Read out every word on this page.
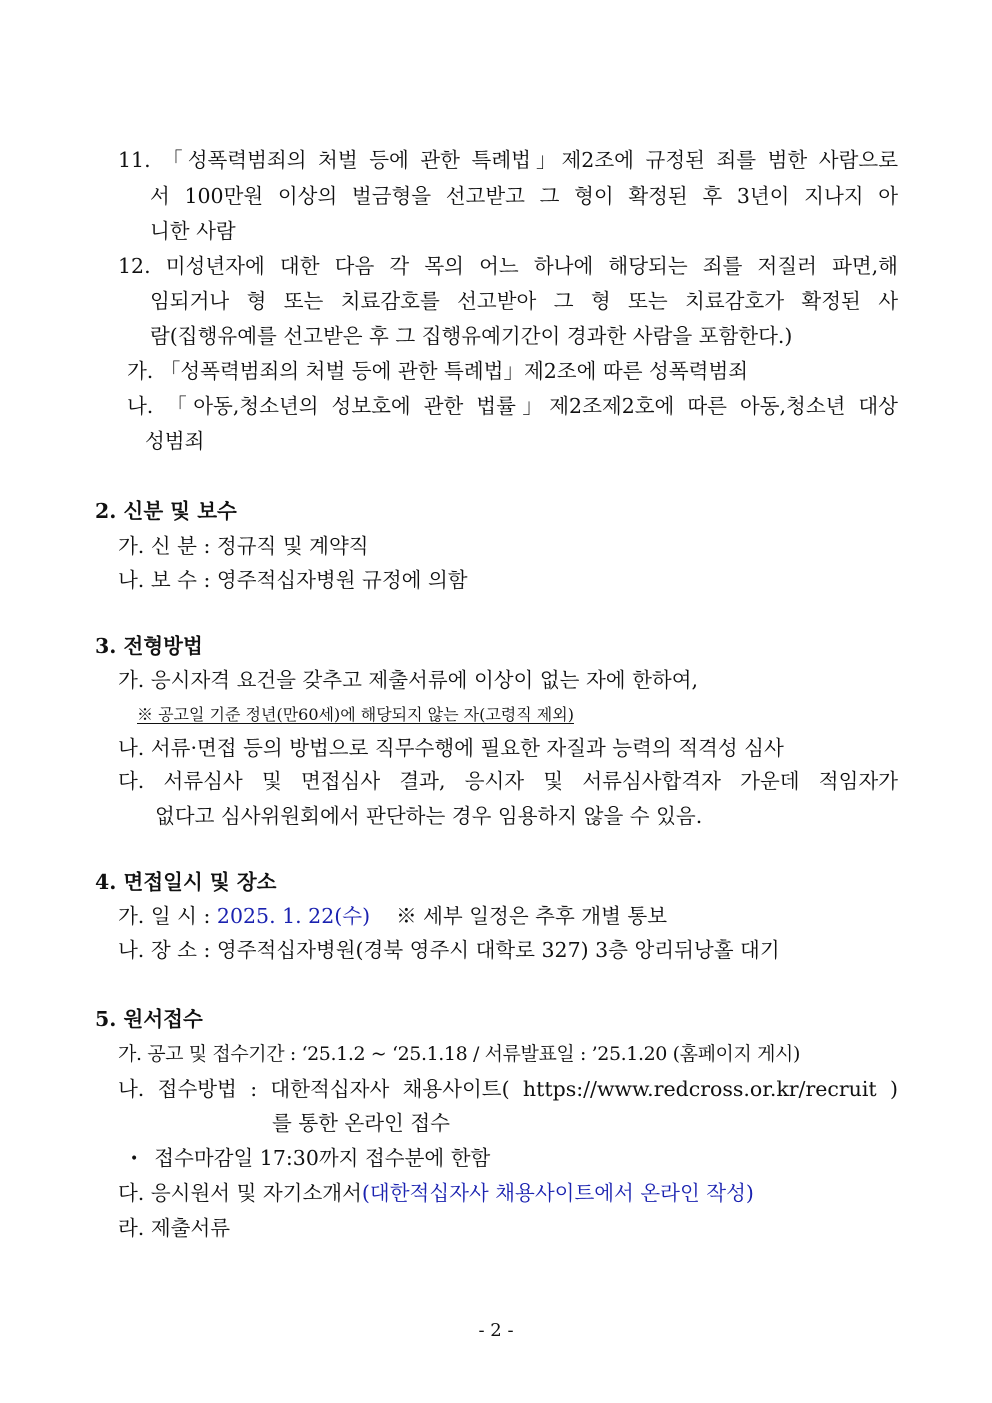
11. 「성폭력범죄의 처벌 등에 관한 특례법」제2조에 규정된 죄를 범한 사람으로
서 100만원 이상의 벌금형을 선고받고 그 형이 확정된 후 3년이 지나지 아
니한 사람
12. 미성년자에 대한 다음 각 목의 어느 하나에 해당되는 죄를 저질러 파면,해
임되거나 형 또는 치료감호를 선고받아 그 형 또는 치료감호가 확정된 사
람(집행유예를 선고받은 후 그 집행유예기간이 경과한 사람을 포함한다.)
가. 「성폭력범죄의 처벌 등에 관한 특례법」제2조에 따른 성폭력범죄
나. 「아동,청소년의 성보호에 관한 법률」제2조제2호에 따른 아동,청소년 대상
성범죄
2. 신분 및 보수
가. 신 분 : 정규직 및 계약직
나. 보 수 : 영주적십자병원 규정에 의함
3. 전형방법
가. 응시자격 요건을 갖추고 제출서류에 이상이 없는 자에 한하여,
※ 공고일 기준 정년(만60세)에 해당되지 않는 자(고령직 제외)
나. 서류·면접 등의 방법으로 직무수행에 필요한 자질과 능력의 적격성 심사
다. 서류심사 및 면접심사 결과, 응시자 및 서류심사합격자 가운데 적임자가
없다고 심사위원회에서 판단하는 경우 임용하지 않을 수 있음.
4. 면접일시 및 장소
가. 일 시 : 2025. 1. 22(수) ※ 세부 일정은 추후 개별 통보
나. 장 소 : 영주적십자병원(경북 영주시 대학로 327) 3층 앙리뒤낭홀 대기
5. 원서접수
가. 공고 및 접수기간 : ‘25.1.2 ~ ‘25.1.18 / 서류발표일 : ’25.1.20 (홈페이지 게시)
나. 접수방법 : 대한적십자사 채용사이트( https://www.redcross.or.kr/recruit )
를 통한 온라인 접수
• 접수마감일 17:30까지 접수분에 한함
다. 응시원서 및 자기소개서(대한적십자사 채용사이트에서 온라인 작성)
라. 제출서류
- 2 -
